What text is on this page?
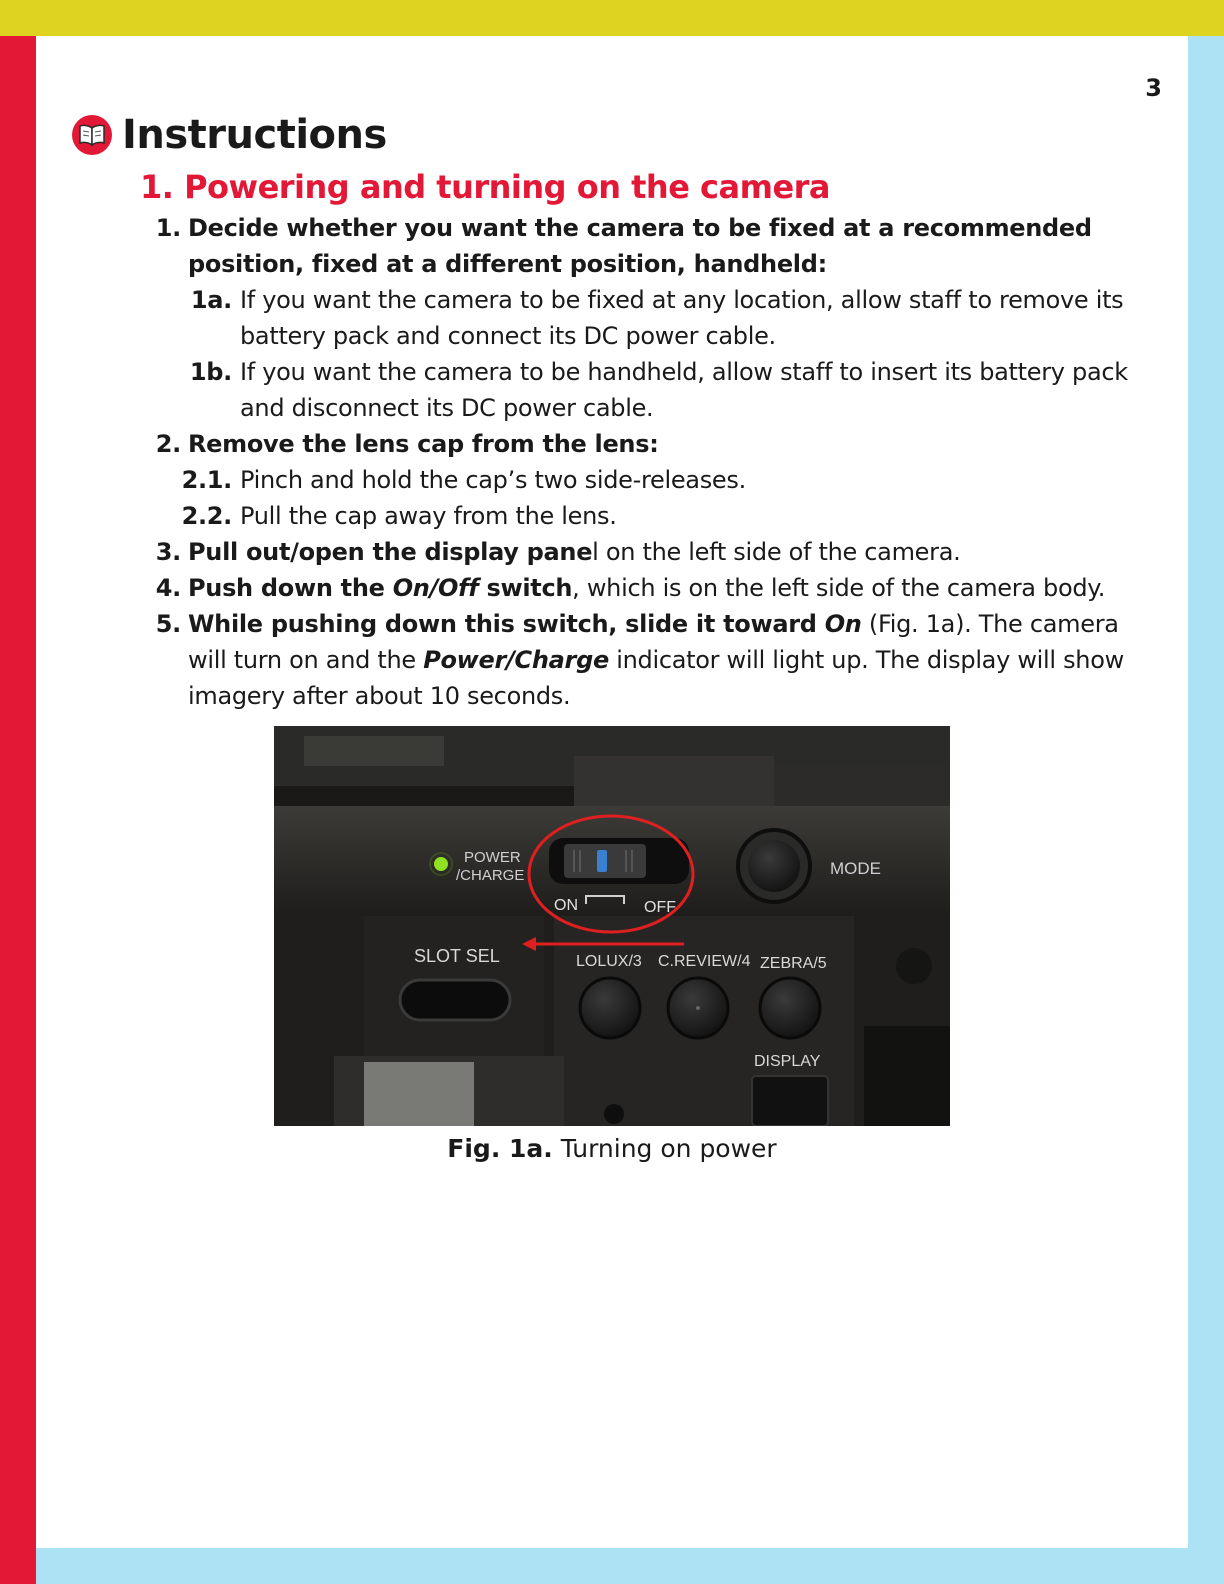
3
Instructions
1. Powering and turning on the camera
1. Decide whether you want the camera to be fixed at a recommended position, fixed at a different position, handheld:
1a. If you want the camera to be fixed at any location, allow staff to remove its battery pack and connect its DC power cable.
1b. If you want the camera to be handheld, allow staff to insert its battery pack and disconnect its DC power cable.
2. Remove the lens cap from the lens:
2.1. Pinch and hold the cap’s two side-releases.
2.2. Pull the cap away from the lens.
3. Pull out/open the display panel on the left side of the camera.
4. Push down the On/Off switch, which is on the left side of the camera body.
5. While pushing down this switch, slide it toward On (Fig. 1a). The camera will turn on and the Power/Charge indicator will light up. The display will show imagery after about 10 seconds.
POWER
/CHARGE
ON	OFF
MODE
SLOT SEL	LOLUX/3 C.REVIEW/4 ZEBRA/5
DISPLAY
Fig. 1a. Turning on power
